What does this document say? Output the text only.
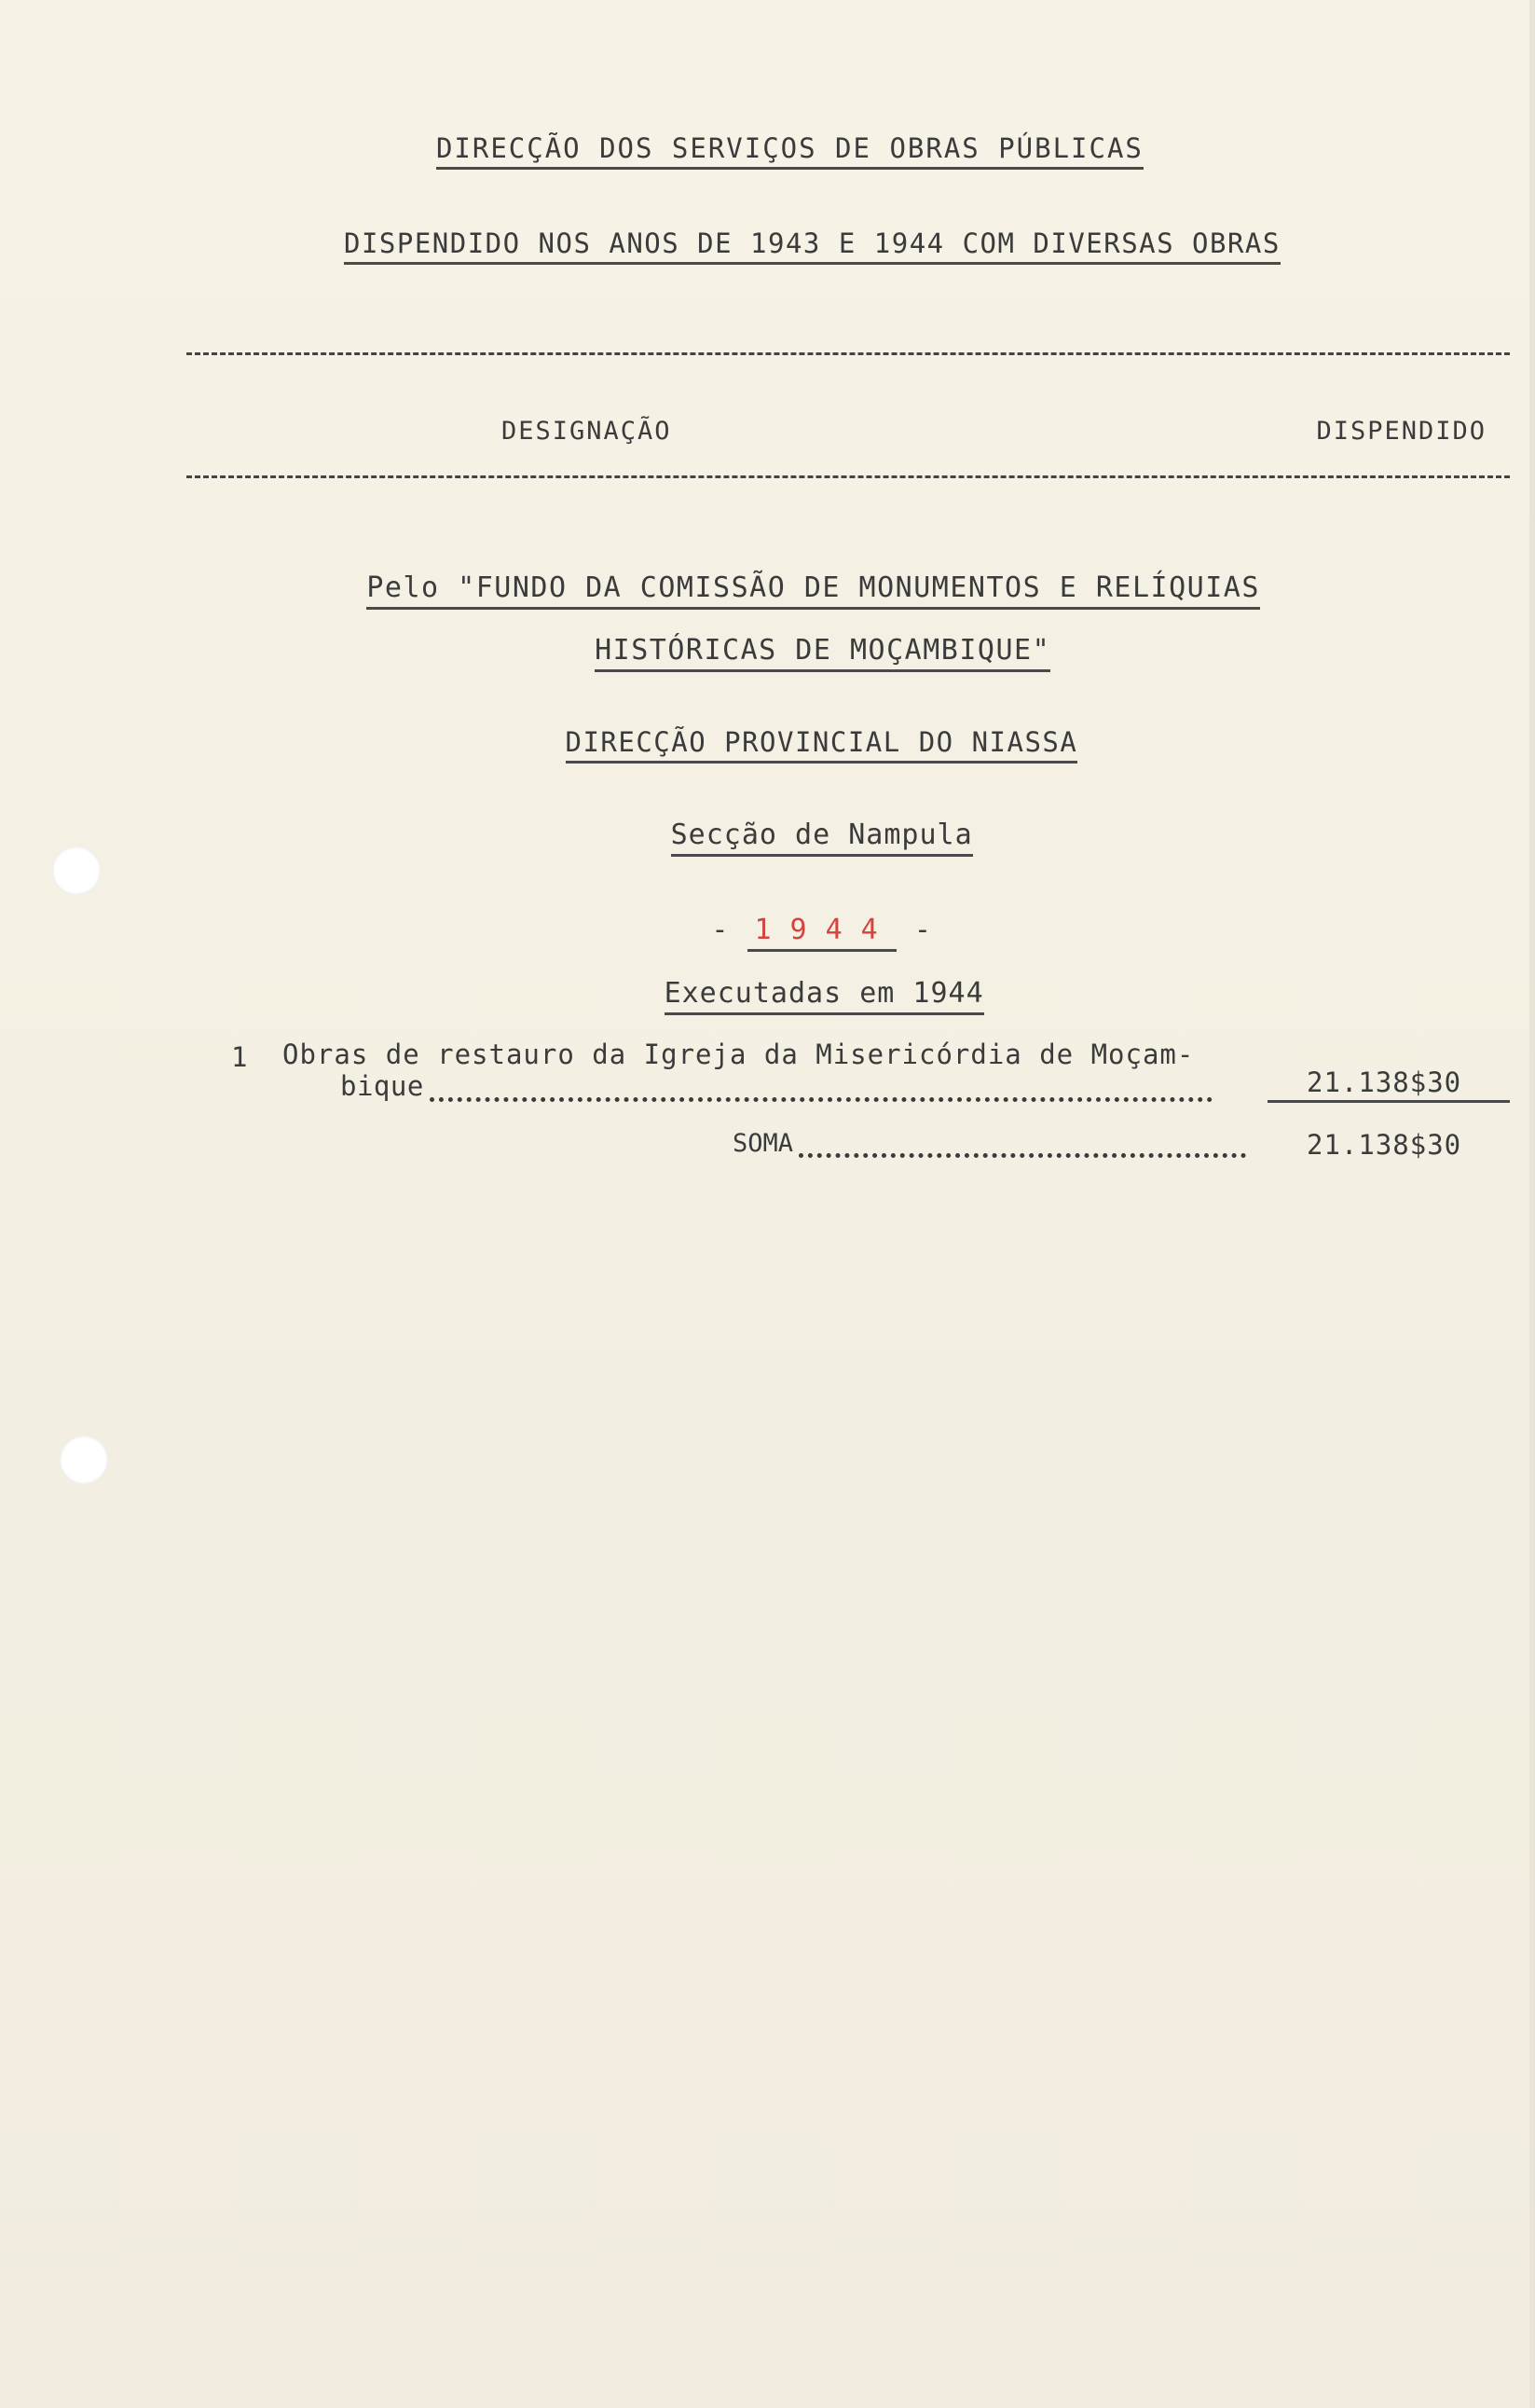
DIRECÇÃO DOS SERVIÇOS DE OBRAS PÚBLICAS

DISPENDIDO NOS ANOS DE 1943 E 1944 COM DIVERSAS OBRAS

DESIGNAÇÃO	DISPENDIDO

Pelo "FUNDO DA COMISSÃO DE MONUMENTOS E RELÍQUIAS

HISTÓRICAS DE MOÇAMBIQUE"

DIRECÇÃO PROVINCIAL DO NIASSA

Secção de Nampula

- 1944 -

Executadas em 1944

1 Obras de restauro da Igreja da Misericórdia de Moçam-
bique	21.138$30
SOMA	21.138$30
